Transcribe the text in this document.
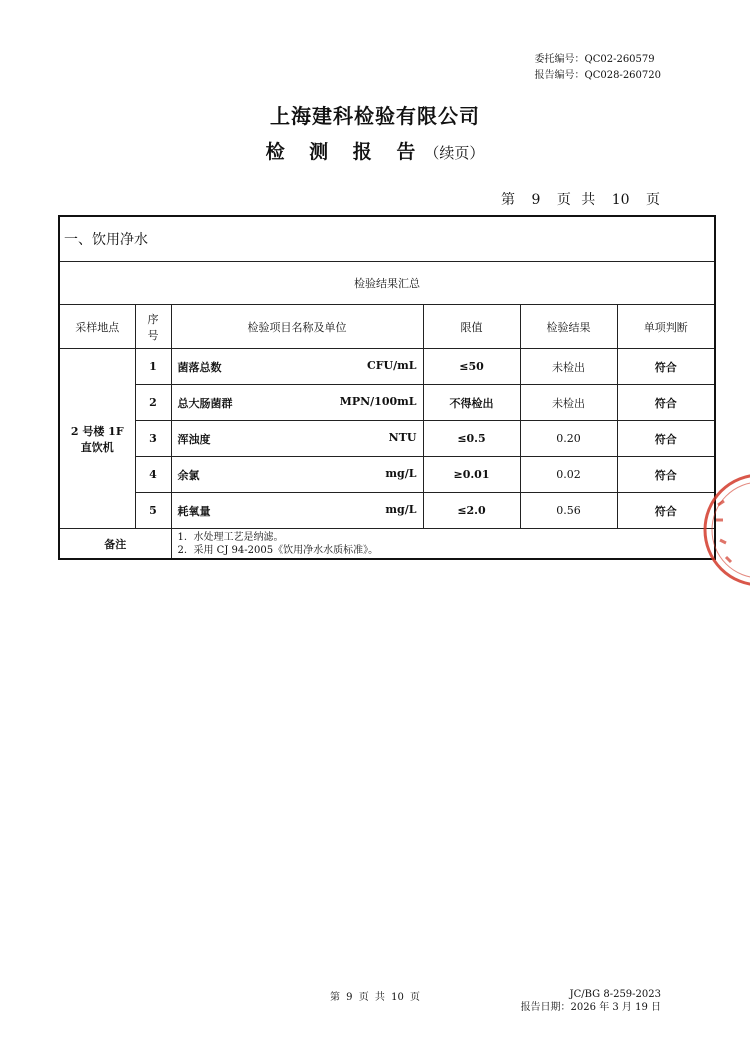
委托编号：QC02-260579
报告编号：QC028-260720
上海建科检验有限公司
检 测 报 告（续页）
第 9 页 共 10 页
一、饮用净水					
检验结果汇总					
采样地点	序号	检验项目名称及单位	限值	检验结果	单项判断
2 号楼 1F
直饮机	1	菌落总数 CFU/mL	≤50	未检出	符合
	2	总大肠菌群 MPN/100mL	不得检出	未检出	符合
	3	浑浊度 NTU	≤0.5	0.20	符合
	4	余氯 mg/L	≥0.01	0.02	符合
	5	耗氧量 mg/L	≤2.0	0.56	符合
备注		1. 水处理工艺是纳滤。
2. 采用 CJ 94-2005《饮用净水水质标准》。			
第 9 页 共 10 页	JC/BG 8-259-2023
报告日期：2026 年 3 月 19 日
